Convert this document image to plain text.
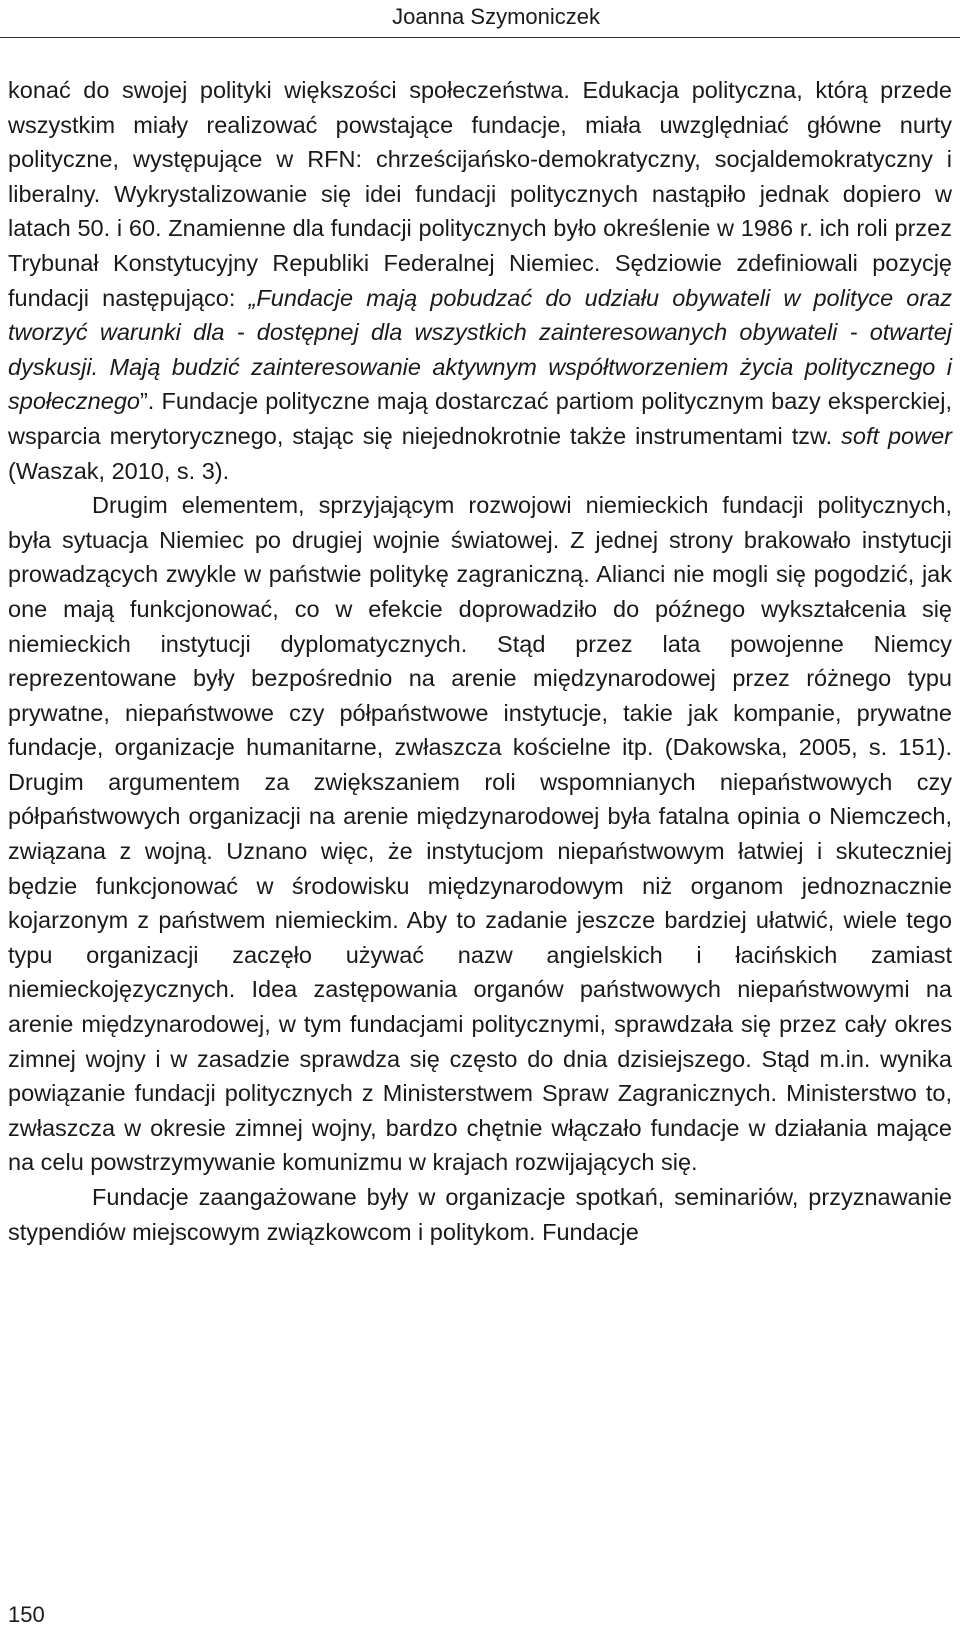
Joanna Szymoniczek

konać do swojej polityki większości społeczeństwa. Edukacja polityczna, którą przede wszystkim miały realizować powstające fundacje, miała uwzględniać główne nurty polityczne, występujące w RFN: chrześcijańsko-demokratyczny, socjaldemokratyczny i liberalny. Wykrystalizowanie się idei fundacji politycznych nastąpiło jednak dopiero w latach 50. i 60. Znamienne dla fundacji politycznych było określenie w 1986 r. ich roli przez Trybunał Konstytucyjny Republiki Federalnej Niemiec. Sędziowie zdefiniowali pozycję fundacji następująco: „Fundacje mają pobudzać do udziału obywateli w polityce oraz tworzyć warunki dla - dostępnej dla wszystkich zainteresowanych obywateli - otwartej dyskusji. Mają budzić zainteresowanie aktywnym współtworzeniem życia politycznego i społecznego”. Fundacje polityczne mają dostarczać partiom politycznym bazy eksperckiej, wsparcia merytorycznego, stając się niejednokrotnie także instrumentami tzw. soft power (Waszak, 2010, s. 3).

Drugim elementem, sprzyjającym rozwojowi niemieckich fundacji politycznych, była sytuacja Niemiec po drugiej wojnie światowej. Z jednej strony brakowało instytucji prowadzących zwykle w państwie politykę zagraniczną. Alianci nie mogli się pogodzić, jak one mają funkcjonować, co w efekcie doprowadziło do późnego wykształcenia się niemieckich instytucji dyplomatycznych. Stąd przez lata powojenne Niemcy reprezentowane były bezpośrednio na arenie międzynarodowej przez różnego typu prywatne, niepaństwowe czy półpaństwowe instytucje, takie jak kompanie, prywatne fundacje, organizacje humanitarne, zwłaszcza kościelne itp. (Dakowska, 2005, s. 151). Drugim argumentem za zwiększaniem roli wspomnianych niepaństwowych czy półpaństwowych organizacji na arenie międzynarodowej była fatalna opinia o Niemczech, związana z wojną. Uznano więc, że instytucjom niepaństwowym łatwiej i skuteczniej będzie funkcjonować w środowisku międzynarodowym niż organom jednoznacznie kojarzonym z państwem niemieckim. Aby to zadanie jeszcze bardziej ułatwić, wiele tego typu organizacji zaczęło używać nazw angielskich i łacińskich zamiast niemieckojęzycznych. Idea zastępowania organów państwowych niepaństwowymi na arenie międzynarodowej, w tym fundacjami politycznymi, sprawdzała się przez cały okres zimnej wojny i w zasadzie sprawdza się często do dnia dzisiejszego. Stąd m.in. wynika powiązanie fundacji politycznych z Ministerstwem Spraw Zagranicznych. Ministerstwo to, zwłaszcza w okresie zimnej wojny, bardzo chętnie włączało fundacje w działania mające na celu powstrzymywanie komunizmu w krajach rozwijających się.

Fundacje zaangażowane były w organizacje spotkań, seminariów, przyznawanie stypendiów miejscowym związkowcom i politykom. Fundacje

150
